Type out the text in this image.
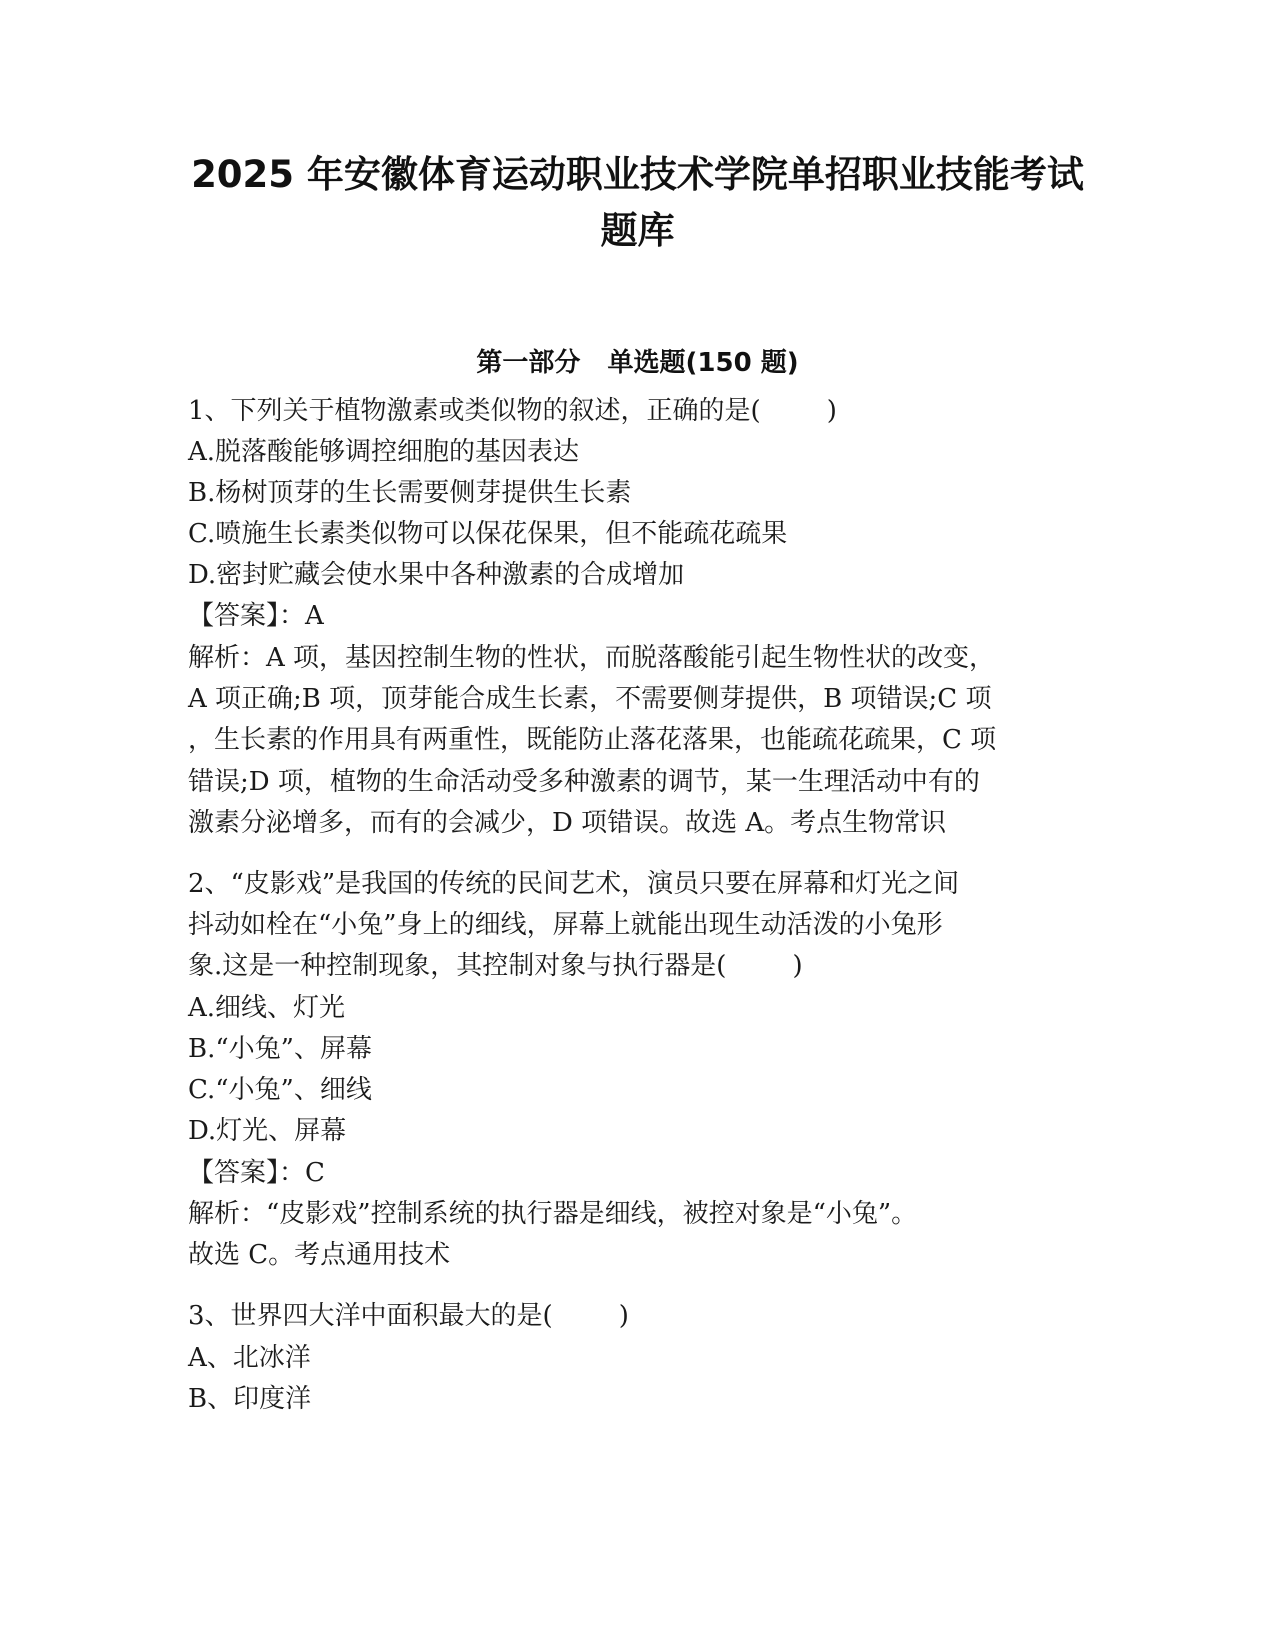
2025 年安徽体育运动职业技术学院单招职业技能考试
题库
第一部分   单选题(150 题)
1、下列关于植物激素或类似物的叙述，正确的是(        )
A.脱落酸能够调控细胞的基因表达
B.杨树顶芽的生长需要侧芽提供生长素
C.喷施生长素类似物可以保花保果，但不能疏花疏果
D.密封贮藏会使水果中各种激素的合成增加
【答案】：A
解析：A 项，基因控制生物的性状，而脱落酸能引起生物性状的改变，
A 项正确;B 项，顶芽能合成生长素，不需要侧芽提供，B 项错误;C 项
，生长素的作用具有两重性，既能防止落花落果，也能疏花疏果，C 项
错误;D 项，植物的生命活动受多种激素的调节，某一生理活动中有的
激素分泌增多，而有的会减少，D 项错误。故选 A。考点生物常识
2、“皮影戏”是我国的传统的民间艺术，演员只要在屏幕和灯光之间
抖动如栓在“小兔”身上的细线，屏幕上就能出现生动活泼的小兔形
象.这是一种控制现象，其控制对象与执行器是(        )
A.细线、灯光
B.“小兔”、屏幕
C.“小兔”、细线
D.灯光、屏幕
【答案】：C
解析：“皮影戏”控制系统的执行器是细线，被控对象是“小兔”。
故选 C。考点通用技术
3、世界四大洋中面积最大的是(        )
A、北冰洋
B、印度洋
